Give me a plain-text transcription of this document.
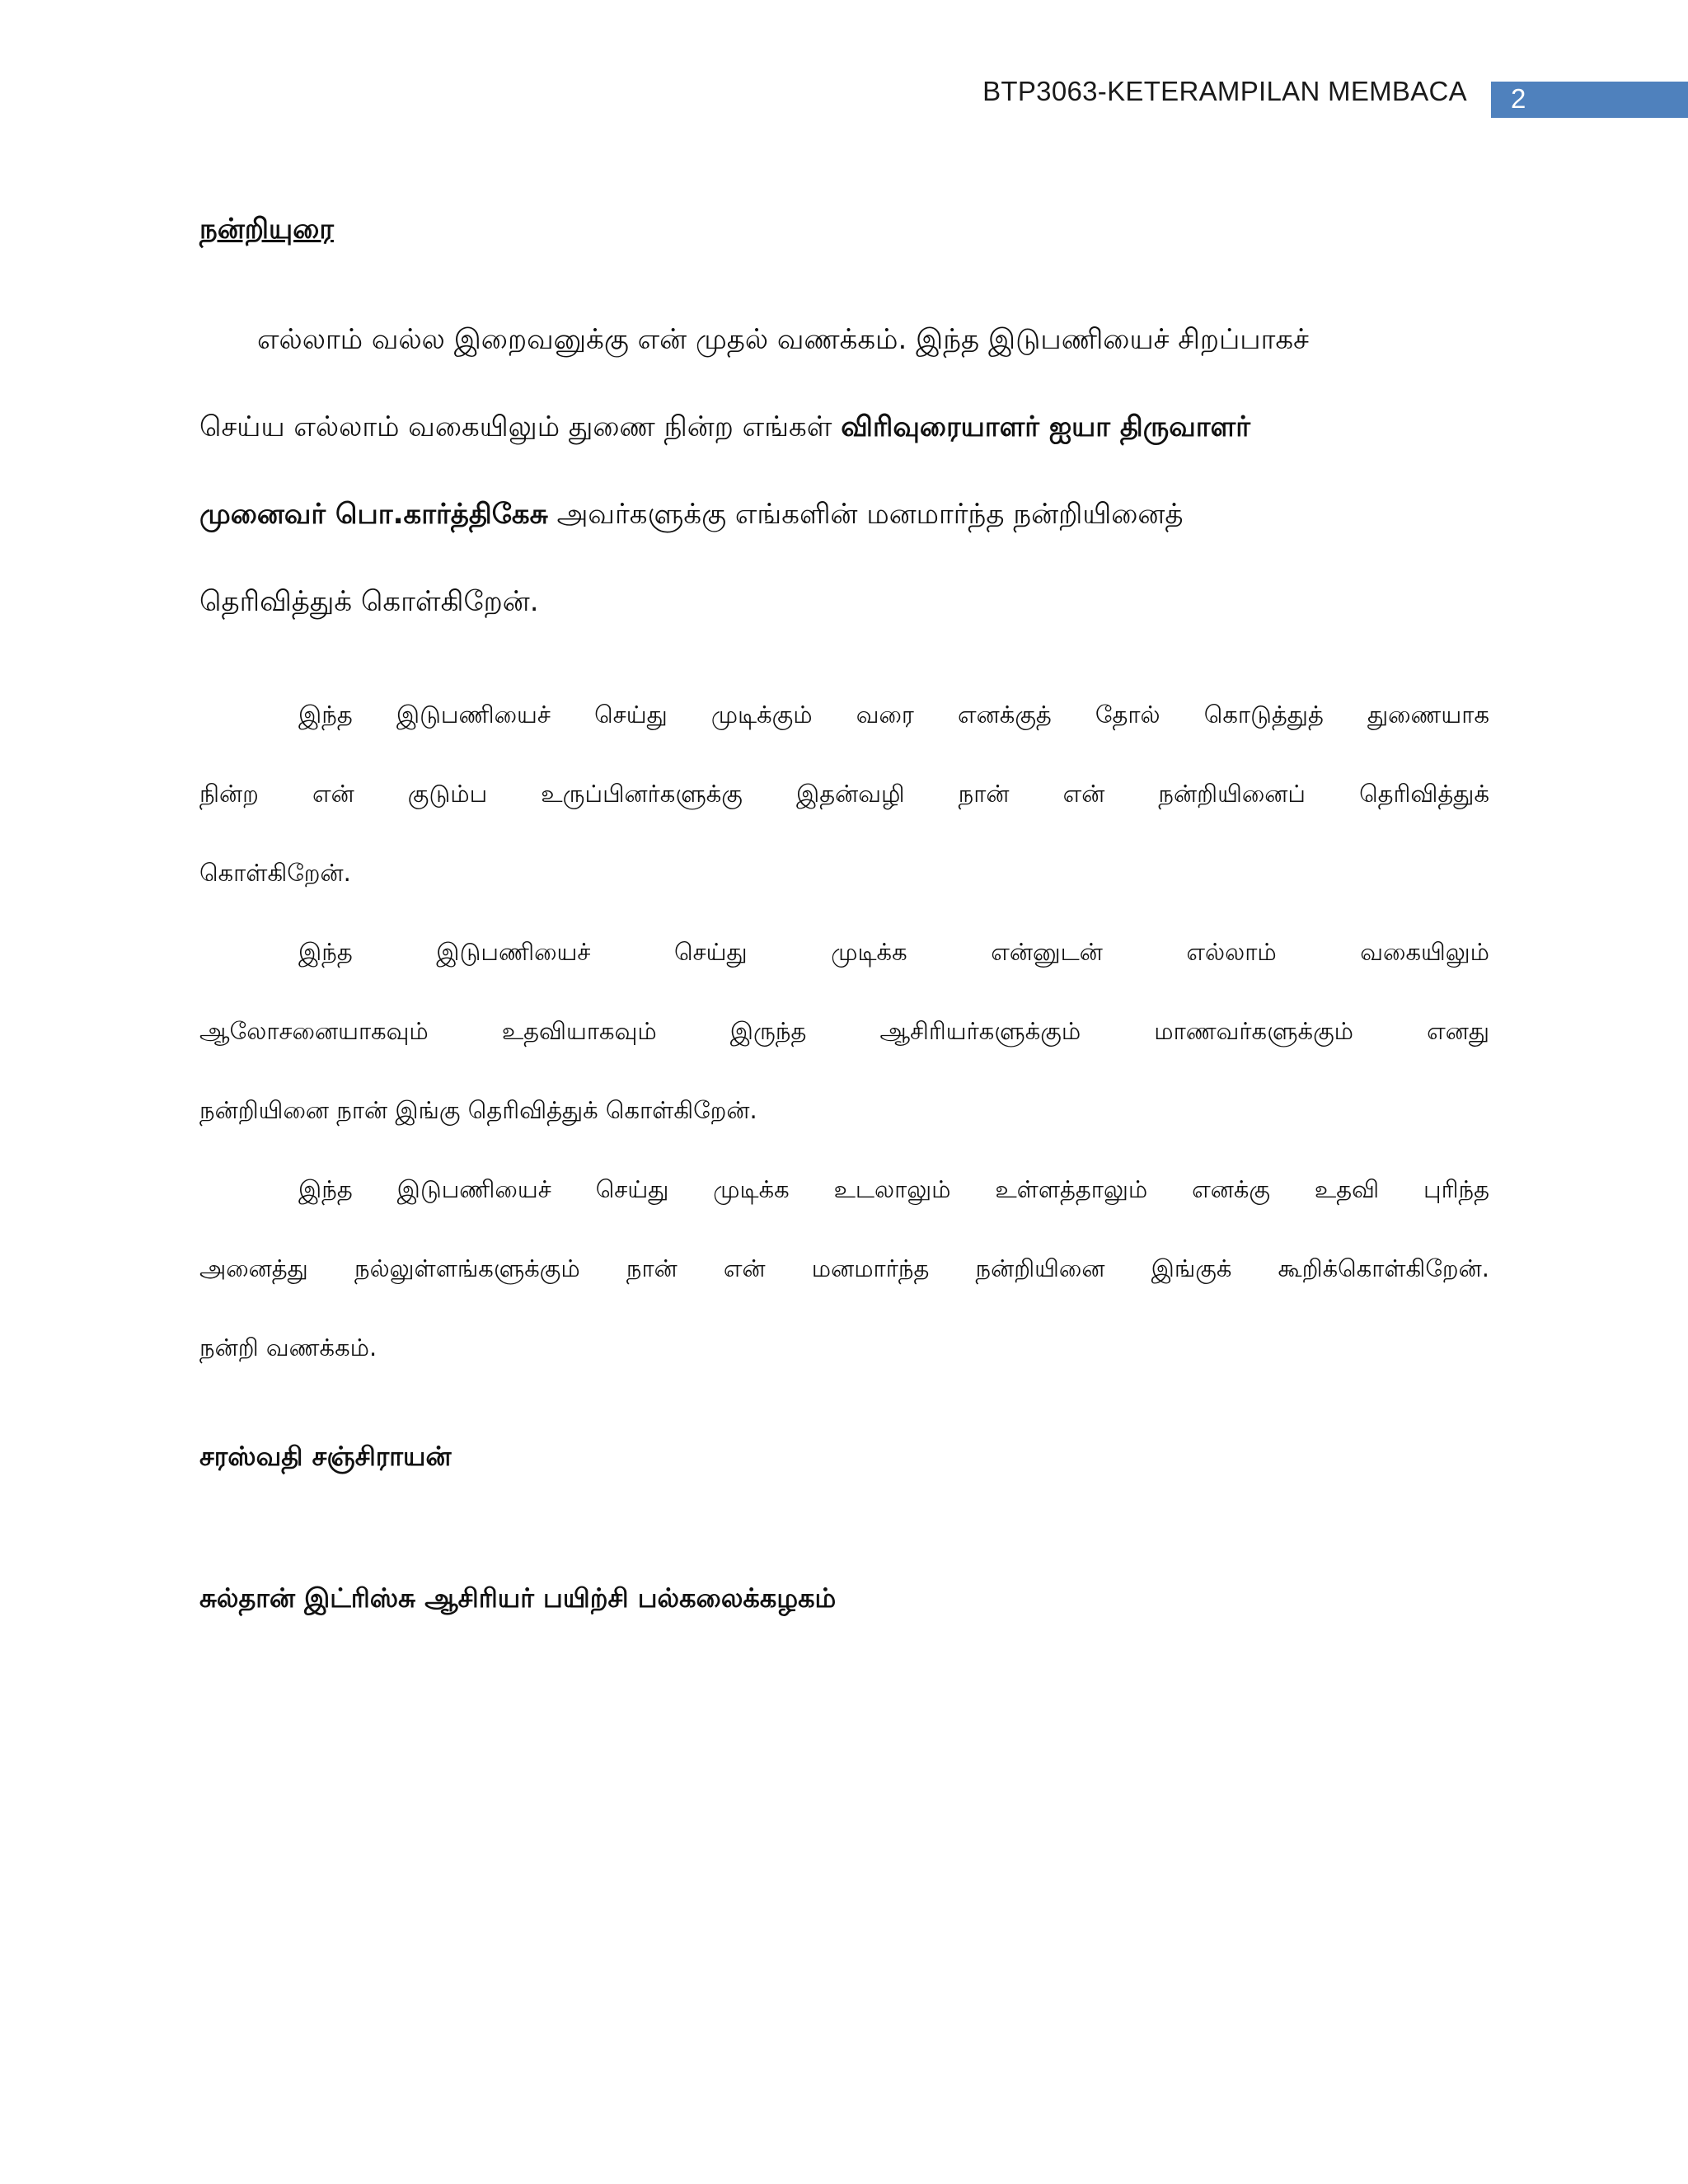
BTP3063-KETERAMPILAN MEMBACA 2
நன்றியுரை
எல்லாம் வல்ல இறைவனுக்கு என் முதல் வணக்கம். இந்த இடுபணியைச் சிறப்பாகச்
செய்ய எல்லாம் வகையிலும் துணை நின்ற எங்கள் விரிவுரையாளர் ஐயா திருவாளர்
முனைவர் பொ.கார்த்திகேசு அவர்களுக்கு எங்களின் மனமார்ந்த நன்றியினைத்
தெரிவித்துக் கொள்கிறேன்.
இந்த இடுபணியைச் செய்து முடிக்கும் வரை எனக்குத் தோல் கொடுத்துத் துணையாக
நின்ற என் குடும்ப உருப்பினர்களுக்கு இதன்வழி நான் என் நன்றியினைப் தெரிவித்துக்
கொள்கிறேன்.
இந்த இடுபணியைச் செய்து முடிக்க என்னுடன் எல்லாம் வகையிலும்
ஆலோசனையாகவும் உதவியாகவும் இருந்த ஆசிரியர்களுக்கும் மாணவர்களுக்கும் எனது
நன்றியினை நான் இங்கு தெரிவித்துக் கொள்கிறேன்.
இந்த இடுபணியைச் செய்து முடிக்க உடலாலும் உள்ளத்தாலும் எனக்கு உதவி புரிந்த
அனைத்து நல்லுள்ளங்களுக்கும் நான் என் மனமார்ந்த நன்றியினை இங்குக் கூறிக்கொள்கிறேன்.
நன்றி வணக்கம்.
சரஸ்வதி சஞ்சிராயன்
சுல்தான் இட்ரிஸ்சு ஆசிரியர் பயிற்சி பல்கலைக்கழகம்
